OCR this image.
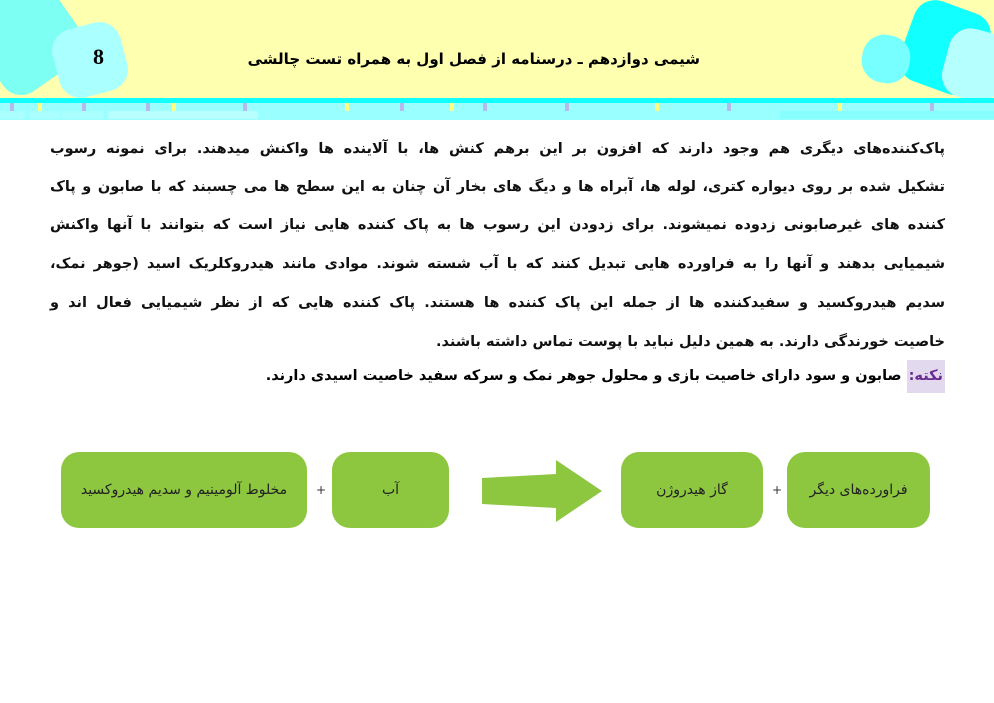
8	شیمی دوازدهم ـ درسنامه از فصل اول به همراه تست چالشی
پاک‌کننده‌های دیگری هم وجود دارند که افزون بر این برهم کنش ها، با آلاینده ها واکنش میدهند. برای نمونه رسوب
تشکیل شده بر روی دیواره کتری، لوله ها، آبراه ها و دیگ های بخار آن چنان به این سطح ها می چسبند که با صابون و پاک
کننده های غیرصابونی زدوده نمیشوند. برای زدودن این رسوب ها به پاک کننده هایی نیاز است که بتوانند با آنها واکنش
شیمیایی بدهند و آنها را به فراورده هایی تبدیل کنند که با آب شسته شوند. موادی مانند هیدروکلریک اسید (جوهر نمک،
سدیم هیدروکسید و سفیدکننده ها از جمله این پاک کننده ها هستند. پاک کننده هایی که از نظر شیمیایی فعال اند و
خاصیت خورندگی دارند. به همین دلیل نباید با پوست تماس داشته باشند.
نکته: صابون و سود دارای خاصیت بازی و محلول جوهر نمک و سرکه سفید خاصیت اسیدی دارند.
مخلوط آلومینیم و سدیم هیدروکسید	+	آب	گاز هیدروژن	+	فراورده‌های دیگر
